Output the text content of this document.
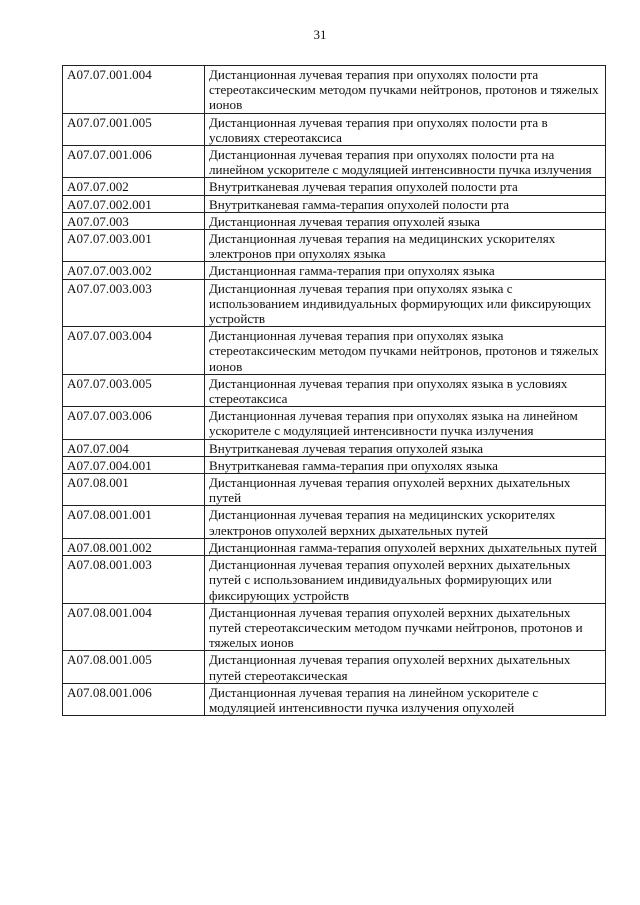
31
A07.07.001.004	Дистанционная лучевая терапия при опухолях полости рта стереотаксическим методом пучками нейтронов, протонов и тяжелых ионов
A07.07.001.005	Дистанционная лучевая терапия при опухолях полости рта в условиях стереотаксиса
A07.07.001.006	Дистанционная лучевая терапия при опухолях полости рта на линейном ускорителе с модуляцией интенсивности пучка излучения
A07.07.002	Внутритканевая лучевая терапия опухолей полости рта
A07.07.002.001	Внутритканевая гамма-терапия опухолей полости рта
A07.07.003	Дистанционная лучевая терапия опухолей языка
A07.07.003.001	Дистанционная лучевая терапия на медицинских ускорителях электронов при опухолях языка
A07.07.003.002	Дистанционная гамма-терапия при опухолях языка
A07.07.003.003	Дистанционная лучевая терапия при опухолях языка с использованием индивидуальных формирующих или фиксирующих устройств
A07.07.003.004	Дистанционная лучевая терапия при опухолях языка стереотаксическим методом пучками нейтронов, протонов и тяжелых ионов
A07.07.003.005	Дистанционная лучевая терапия при опухолях языка в условиях стереотаксиса
A07.07.003.006	Дистанционная лучевая терапия при опухолях языка на линейном ускорителе с модуляцией интенсивности пучка излучения
A07.07.004	Внутритканевая лучевая терапия опухолей языка
A07.07.004.001	Внутритканевая гамма-терапия при опухолях языка
A07.08.001	Дистанционная лучевая терапия опухолей верхних дыхательных путей
A07.08.001.001	Дистанционная лучевая терапия на медицинских ускорителях электронов опухолей верхних дыхательных путей
A07.08.001.002	Дистанционная гамма-терапия опухолей верхних дыхательных путей
A07.08.001.003	Дистанционная лучевая терапия опухолей верхних дыхательных путей с использованием индивидуальных формирующих или фиксирующих устройств
A07.08.001.004	Дистанционная лучевая терапия опухолей верхних дыхательных путей стереотаксическим методом пучками нейтронов, протонов и тяжелых ионов
A07.08.001.005	Дистанционная лучевая терапия опухолей верхних дыхательных путей стереотаксическая
A07.08.001.006	Дистанционная лучевая терапия на линейном ускорителе с модуляцией интенсивности пучка излучения опухолей
